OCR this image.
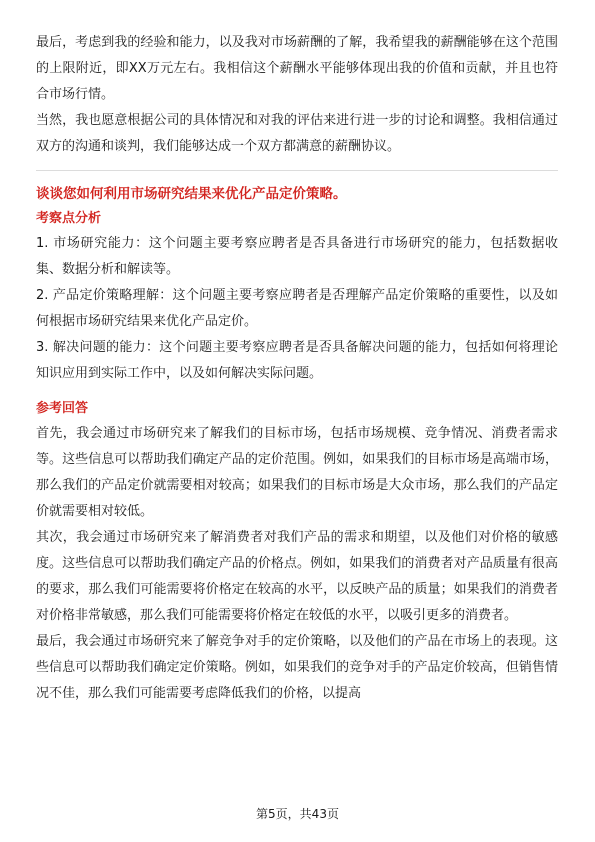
最后，考虑到我的经验和能力，以及我对市场薪酬的了解，我希望我的薪酬能够在这个范围的上限附近，即XX万元左右。我相信这个薪酬水平能够体现出我的价值和贡献，并且也符合市场行情。

当然，我也愿意根据公司的具体情况和对我的评估来进行进一步的讨论和调整。我相信通过双方的沟通和谈判，我们能够达成一个双方都满意的薪酬协议。

谈谈您如何利用市场研究结果来优化产品定价策略。
考察点分析

1. 市场研究能力：这个问题主要考察应聘者是否具备进行市场研究的能力，包括数据收集、数据分析和解读等。

2. 产品定价策略理解：这个问题主要考察应聘者是否理解产品定价策略的重要性，以及如何根据市场研究结果来优化产品定价。

3. 解决问题的能力：这个问题主要考察应聘者是否具备解决问题的能力，包括如何将理论知识应用到实际工作中，以及如何解决实际问题。

参考回答

首先，我会通过市场研究来了解我们的目标市场，包括市场规模、竞争情况、消费者需求等。这些信息可以帮助我们确定产品的定价范围。例如，如果我们的目标市场是高端市场，那么我们的产品定价就需要相对较高；如果我们的目标市场是大众市场，那么我们的产品定价就需要相对较低。

其次，我会通过市场研究来了解消费者对我们产品的需求和期望，以及他们对价格的敏感度。这些信息可以帮助我们确定产品的价格点。例如，如果我们的消费者对产品质量有很高的要求，那么我们可能需要将价格定在较高的水平，以反映产品的质量；如果我们的消费者对价格非常敏感，那么我们可能需要将价格定在较低的水平，以吸引更多的消费者。

最后，我会通过市场研究来了解竞争对手的定价策略，以及他们的产品在市场上的表现。这些信息可以帮助我们确定定价策略。例如，如果我们的竞争对手的产品定价较高，但销售情况不佳，那么我们可能需要考虑降低我们的价格，以提高

第5页，共43页
